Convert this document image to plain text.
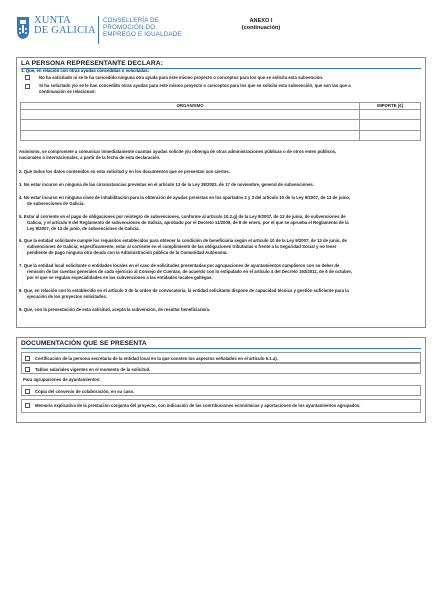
XUNTA
DE GALICIA
CONSELLERÍA DE
PROMOCIÓN DO
EMPREGO E IGUALDADE
ANEXO I
(continuación)
LA PERSONA REPRESENTANTE DECLARA:
1. Que, en relación con otras ayudas concedidas o solicitadas:
No ha solicitado ni se le ha concedido ninguna otra ayuda para este mismo proyecto o conceptos para los que se solicita esta subvención.
Sí ha solicitado y/o se le han concedido otras ayudas para este mismo proyecto o conceptos para los que se solicita esta subvención, que son las que a
continuación se relacionan:
ORGANISMO	IMPORTE (€)

Asimismo, se compromete a comunicar inmediatamente cuantas ayudas solicite y/u obtenga de otras administraciones públicas o de otros entes públicos,
nacionales o internacionales, a partir de la fecha de esta declaración.
2. Que todos los datos contenidos en esta solicitud y en los documentos que se presentan son ciertos.
3. No estar incurso en ninguna de las circunstancias previstas en el artículo 13 de la Ley 38/2003, de 17 de noviembre, general de subvenciones.
4. No estar incurso en ninguna clase de inhabilitación para la obtención de ayudas previstas en los apartados 2 y 3 del artículo 10 de la Ley 9/2007, de 13 de junio,
de subvenciones de Galicia.
5. Estar al corriente en el pago de obligaciones por reintegro de subvenciones, conforme al artículo 10.2.g) de la Ley 9/2007, de 13 de junio, de subvenciones de
Galicia, y el artículo 9 del Reglamento de subvenciones de Galicia, aprobado por el Decreto 11/2009, de 8 de enero, por el que se aprueba el Reglamento de la
Ley 9/2007, de 13 de junio, de subvenciones de Galicia.
6. Que la entidad solicitante cumple los requisitos establecidos para obtener la condición de beneficiaria según el artículo 10 de la Ley 9/2007, de 13 de junio, de
subvenciones de Galicia; específicamente, estar al corriente en el cumplimiento de las obligaciones tributarias o frente a la Seguridad Social y no tener
pendiente de pago ninguna otra deuda con la Administración pública de la Comunidad Autónoma.
7. Que la entidad local solicitante o entidades locales en el caso de solicitudes presentadas por agrupaciones de ayuntamientos cumplieron con su deber de
remisión de las cuentas generales de cada ejercicio al Consejo de Cuentas, de acuerdo con lo estipulado en el artículo 4 del Decreto 193/2011, de 6 de octubre,
por el que se regulan especialidades en las subvenciones a las entidades locales gallegas.
8. Que, en relación con lo establecido en el artículo 3 de la orden de convocatoria, la entidad solicitante dispone de capacidad técnica y gestión suficiente para la
ejecución de los proyectos solicitados.
9. Que, con la presentación de esta solicitud, acepta la subvención, de resultar beneficiario/a.
DOCUMENTACIÓN QUE SE PRESENTA
Certificación de la persona secretaria de la entidad local en la que consten los aspectos señalados en el artículo 6.1.a).
Tablas salariales vigentes en el momento de la solicitud.
Para agrupaciones de ayuntamientos:
Copia del convenio de colaboración, en su caso.
Memoria explicativa de la prestación conjunta del proyecto, con indicación de las contribuciones económicas y aportaciones de los ayuntamientos agrupados.
